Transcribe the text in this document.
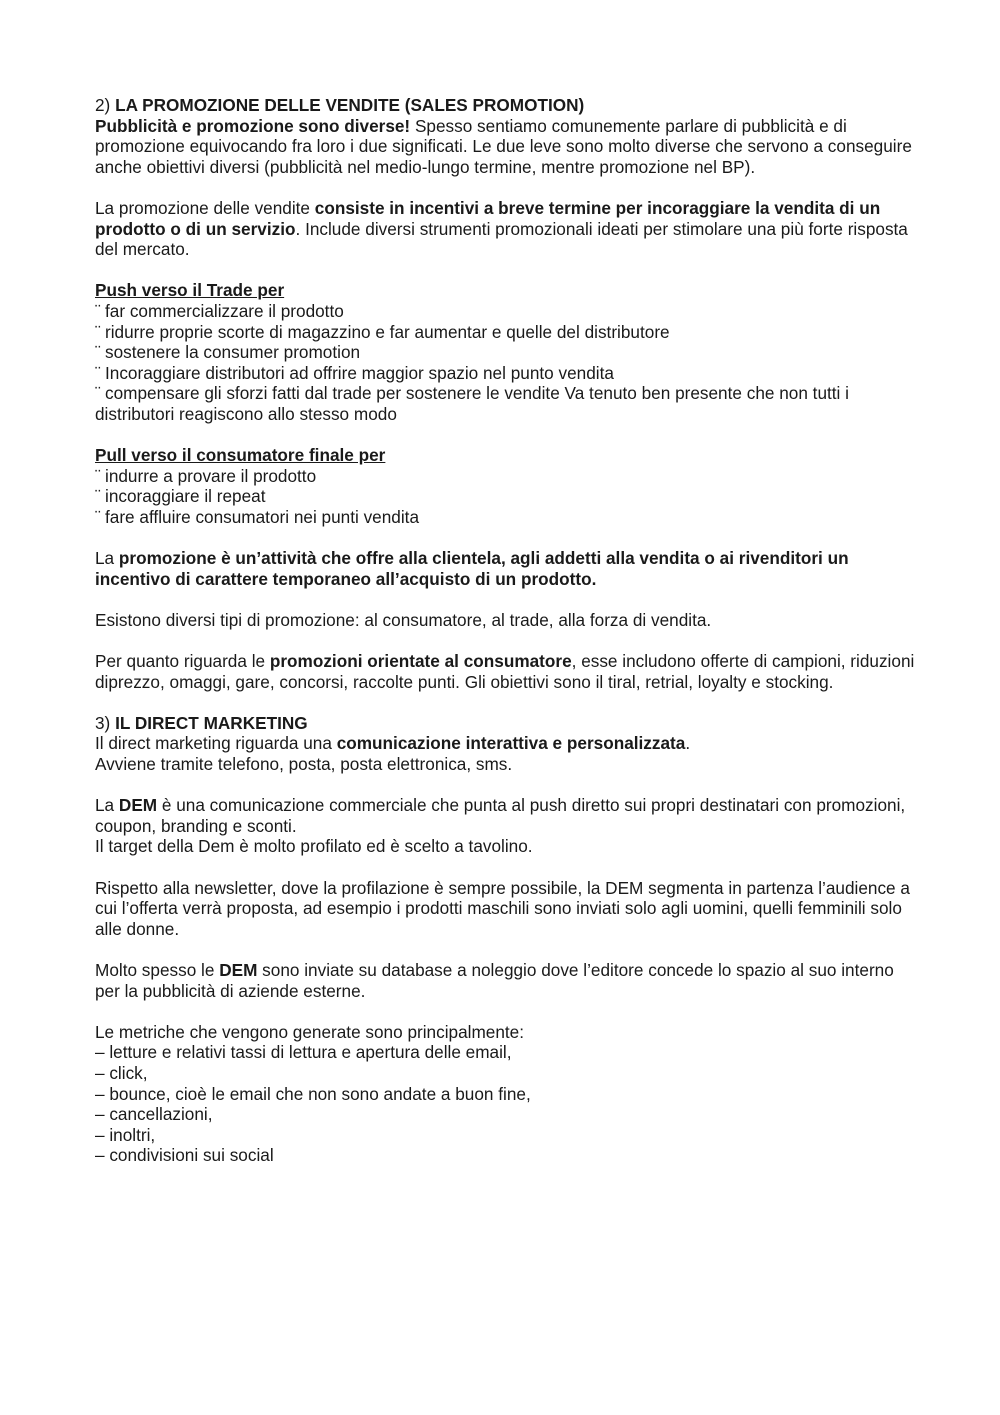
2) LA PROMOZIONE DELLE VENDITE (SALES PROMOTION)

Pubblicità e promozione sono diverse! Spesso sentiamo comunemente parlare di pubblicità e di promozione equivocando fra loro i due significati. Le due leve sono molto diverse che servono a conseguire anche obiettivi diversi (pubblicità nel medio-lungo termine, mentre promozione nel BP).

La promozione delle vendite consiste in incentivi a breve termine per incoraggiare la vendita di un prodotto o di un servizio. Include diversi strumenti promozionali ideati per stimolare una più forte risposta del mercato.

Push verso il Trade per

¨ far commercializzare il prodotto

¨ ridurre proprie scorte di magazzino e far aumentar e quelle del distributore

¨ sostenere la consumer promotion

¨ Incoraggiare distributori ad offrire maggior spazio nel punto vendita

¨ compensare gli sforzi fatti dal trade per sostenere le vendite Va tenuto ben presente che non tutti i distributori reagiscono allo stesso modo

Pull verso il consumatore finale per

¨ indurre a provare il prodotto

¨ incoraggiare il repeat

¨ fare affluire consumatori nei punti vendita

La promozione è un’attività che offre alla clientela, agli addetti alla vendita o ai rivenditori un incentivo di carattere temporaneo all’acquisto di un prodotto.

Esistono diversi tipi di promozione: al consumatore, al trade, alla forza di vendita.

Per quanto riguarda le promozioni orientate al consumatore, esse includono offerte di campioni, riduzioni diprezzo, omaggi, gare, concorsi, raccolte punti. Gli obiettivi sono il tiral, retrial, loyalty e stocking.

3) IL DIRECT MARKETING

Il direct marketing riguarda una comunicazione interattiva e personalizzata.

Avviene tramite telefono, posta, posta elettronica, sms.

La DEM è una comunicazione commerciale che punta al push diretto sui propri destinatari con promozioni, coupon, branding e sconti.

Il target della Dem è molto profilato ed è scelto a tavolino.

Rispetto alla newsletter, dove la profilazione è sempre possibile, la DEM segmenta in partenza l’audience a cui l’offerta verrà proposta, ad esempio i prodotti maschili sono inviati solo agli uomini, quelli femminili solo alle donne.

Molto spesso le DEM sono inviate su database a noleggio dove l’editore concede lo spazio al suo interno per la pubblicità di aziende esterne.

Le metriche che vengono generate sono principalmente:

– letture e relativi tassi di lettura e apertura delle email,

– click,

– bounce, cioè le email che non sono andate a buon fine,

– cancellazioni,

– inoltri,

– condivisioni sui social
